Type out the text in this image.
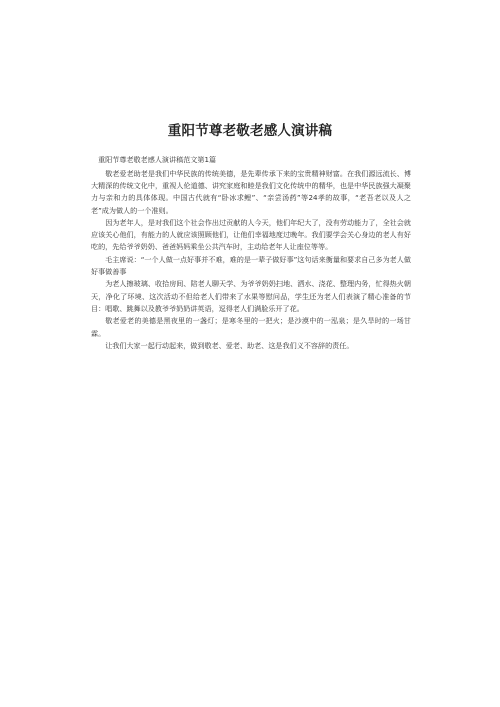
重阳节尊老敬老感人演讲稿

重阳节尊老敬老感人演讲稿范文第1篇

敬老爱老助老是我们中华民族的传统美德，是先辈传承下来的宝贵精神财富。在我们源远流长、博大精深的传统文化中，重视人伦道德、讲究家庭和睦是我们文化传统中的精华，也是中华民族强大凝聚力与亲和力的具体体现。中国古代就有“卧冰求鲤”、“亲尝汤药”等24孝的故事，“老吾老以及人之老”成为做人的一个准则。

因为老年人，是对我们这个社会作出过贡献的人今天，他们年纪大了，没有劳动能力了，全社会就应该关心他们，有能力的人就应该照顾他们，让他们幸福地度过晚年。我们要学会关心身边的老人有好吃的，先给爷爷奶奶、爸爸妈妈乘坐公共汽车时，主动给老年人让座位等等。

毛主席说：“一个人做一点好事并不难，难的是一辈子做好事”这句话来衡量和要求自己多为老人做好事做善事

为老人擦玻璃、收拾房间、陪老人聊天学、为爷爷奶奶扫地、洒水、浇花、整理内务，忙得热火朝天，净化了环境、这次活动不但给老人们带来了水果等慰问品，学生还为老人们表演了精心准备的节目：唱歌、跳舞以及教爷爷奶奶讲英语，逗得老人们满脸乐开了花。

敬老爱老的美德是黑夜里的一盏灯；是寒冬里的一把火；是沙漠中的一泓泉；是久旱时的一场甘霖。

让我们大家一起行动起来，做到敬老、爱老、助老、这是我们义不容辞的责任。
